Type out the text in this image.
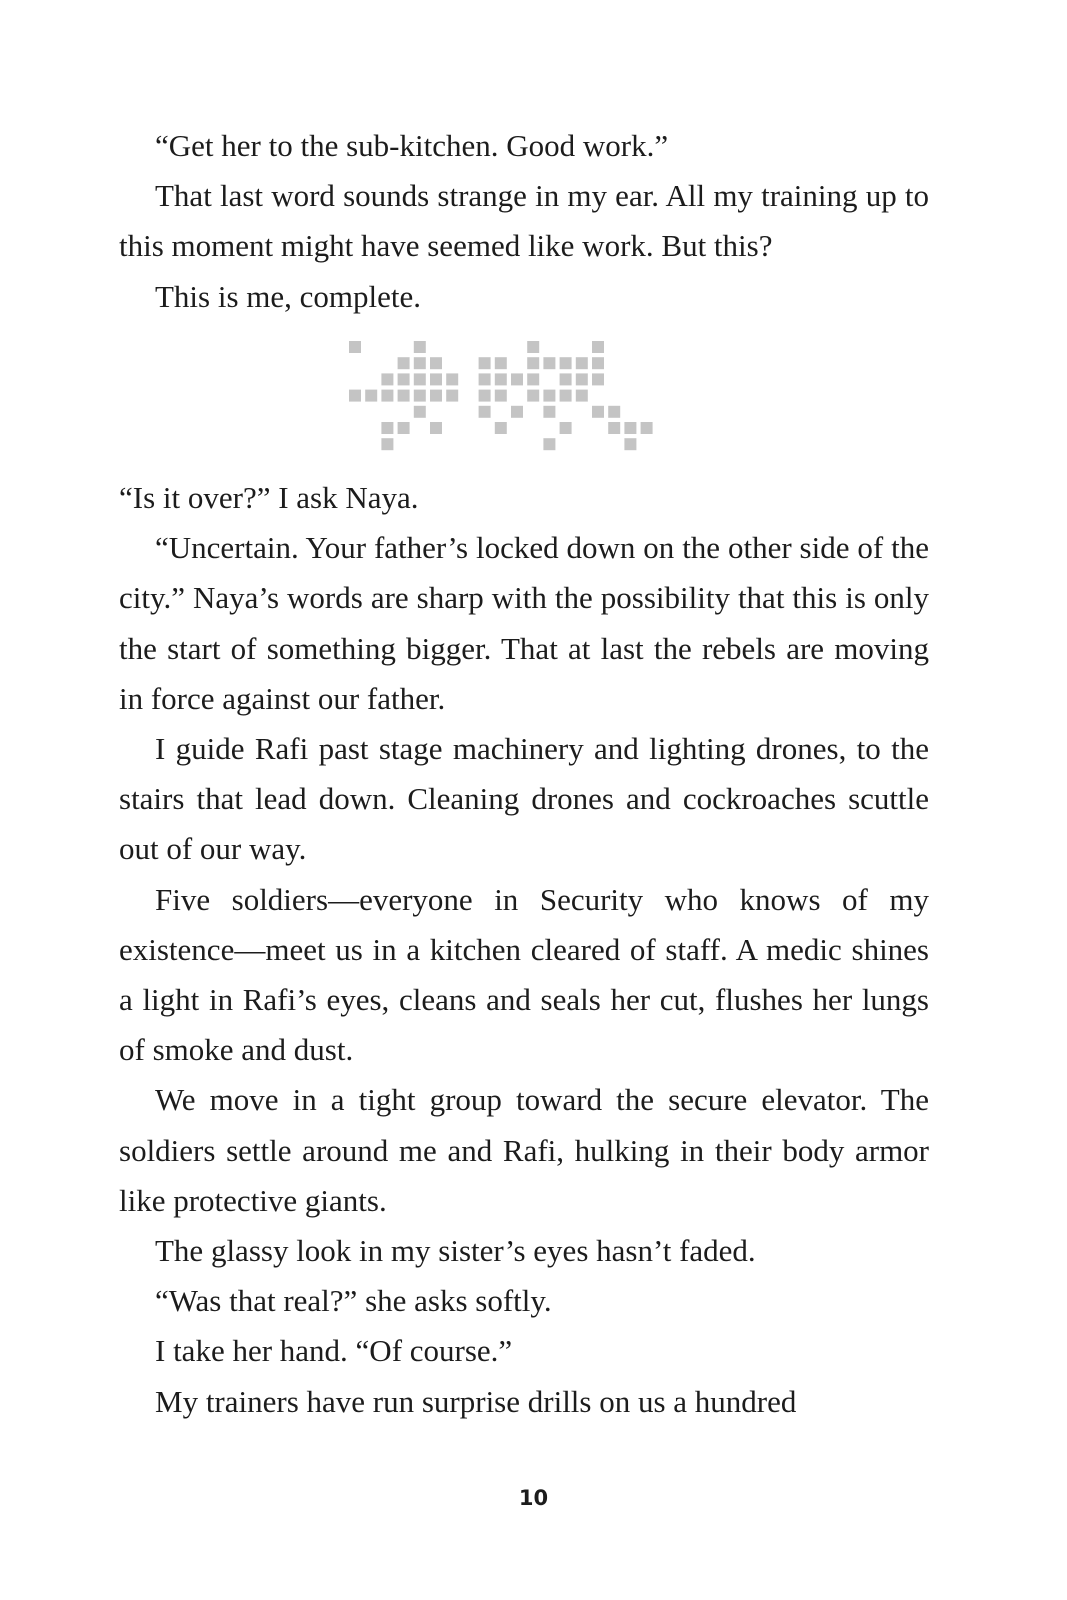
“Get her to the sub-kitchen. Good work.”

That last word sounds strange in my ear. All my training up to this moment might have seemed like work. But this?

This is me, complete.

“Is it over?” I ask Naya.

“Uncertain. Your father’s locked down on the other side of the city.” Naya’s words are sharp with the possibility that this is only the start of something bigger. That at last the rebels are moving in force against our father.

I guide Rafi past stage machinery and lighting drones, to the stairs that lead down. Cleaning drones and cockroaches scuttle out of our way.

Five soldiers—everyone in Security who knows of my existence—meet us in a kitchen cleared of staff. A medic shines a light in Rafi’s eyes, cleans and seals her cut, flushes her lungs of smoke and dust.

We move in a tight group toward the secure elevator. The soldiers settle around me and Rafi, hulking in their body armor like protective giants.

The glassy look in my sister’s eyes hasn’t faded.

“Was that real?” she asks softly.

I take her hand. “Of course.”

My trainers have run surprise drills on us a hundred

10
